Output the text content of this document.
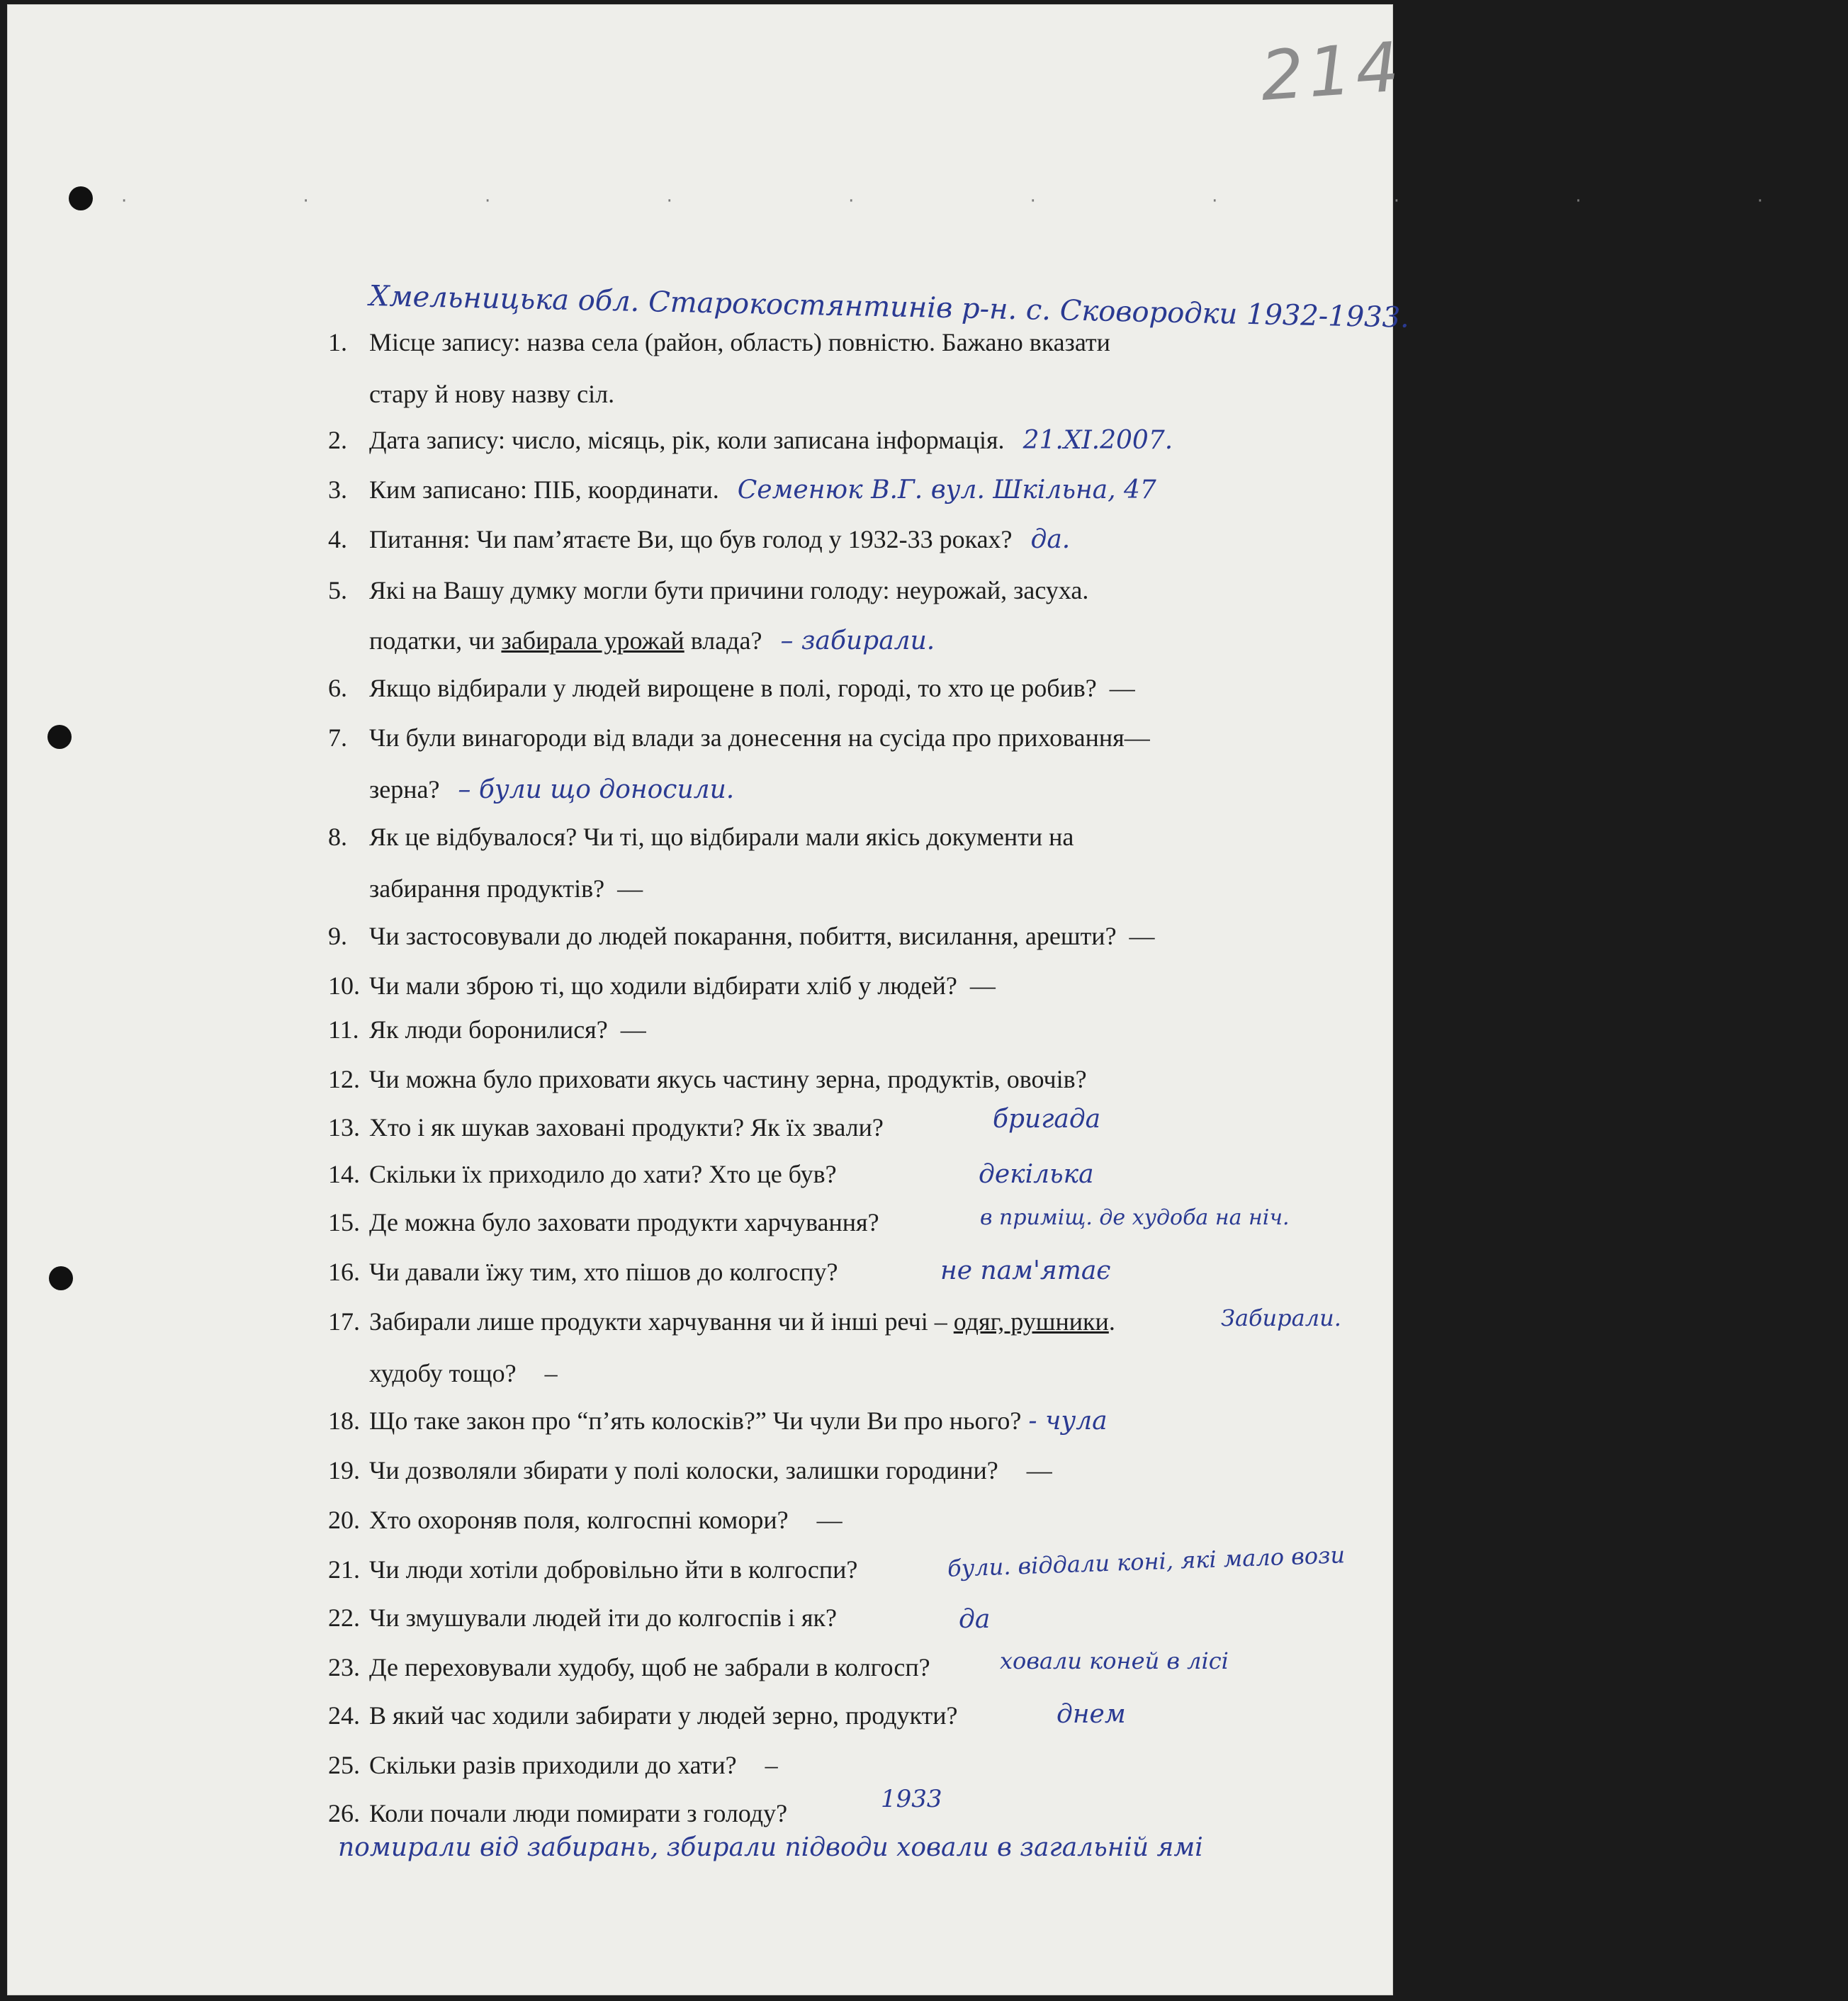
214
· · · · · · · · · ·
Хмельницька обл. Старокостянтинів р-н. с. Сковородки 1932-1933.
1. Місце запису: назва села (район, область) повністю. Бажано вказати
стару й нову назву сіл.
2. Дата запису: число, місяць, рік, коли записана інформація. 21.XI.2007.
3. Ким записано: ПІБ, координати. Семенюк В.Г. вул. Шкільна, 47
4. Питання: Чи пам’ятаєте Ви, що був голод у 1932-33 роках? да.
5. Які на Вашу думку могли бути причини голоду: неурожай, засуха.
податки, чи забирала урожай влада? – забирали.
6. Якщо відбирали у людей вирощене в полі, городі, то хто це робив? —
7. Чи були винагороди від влади за донесення на сусіда про приховання—
зерна? – були що доносили.
8. Як це відбувалося? Чи ті, що відбирали мали якісь документи на
забирання продуктів? —
9. Чи застосовували до людей покарання, побиття, висилання, арешти? —
10. Чи мали зброю ті, що ходили відбирати хліб у людей? —
11. Як люди боронилися? —
12. Чи можна було приховати якусь частину зерна, продуктів, овочів?
13. Хто і як шукав заховані продукти? Як їх звали?	бригада
14. Скільки їх приходило до хати? Хто це був?	декілька
15. Де можна було заховати продукти харчування?	в приміщ. де худоба на ніч.
16. Чи давали їжу тим, хто пішов до колгоспу?	не пам'ятає
17. Забирали лише продукти харчування чи й інші речі – одяг, рушники.	Забирали.
худобу тощо? –
18. Що таке закон про “п’ять колосків?” Чи чули Ви про нього? - чула
19. Чи дозволяли збирати у полі колоски, залишки городини? —
20. Хто охороняв поля, колгоспні комори? —
21. Чи люди хотіли добровільно йти в колгоспи?	були. віддали коні, які мало вози
22. Чи змушували людей іти до колгоспів і як?	да
23. Де переховували худобу, щоб не забрали в колгосп?	ховали коней в лісі
24. В який час ходили забирати у людей зерно, продукти?	днем
25. Скільки разів приходили до хати? –
26. Коли почали люди помирати з голоду?	1933
помирали від забирань, збирали підводи ховали в загальній ямі
